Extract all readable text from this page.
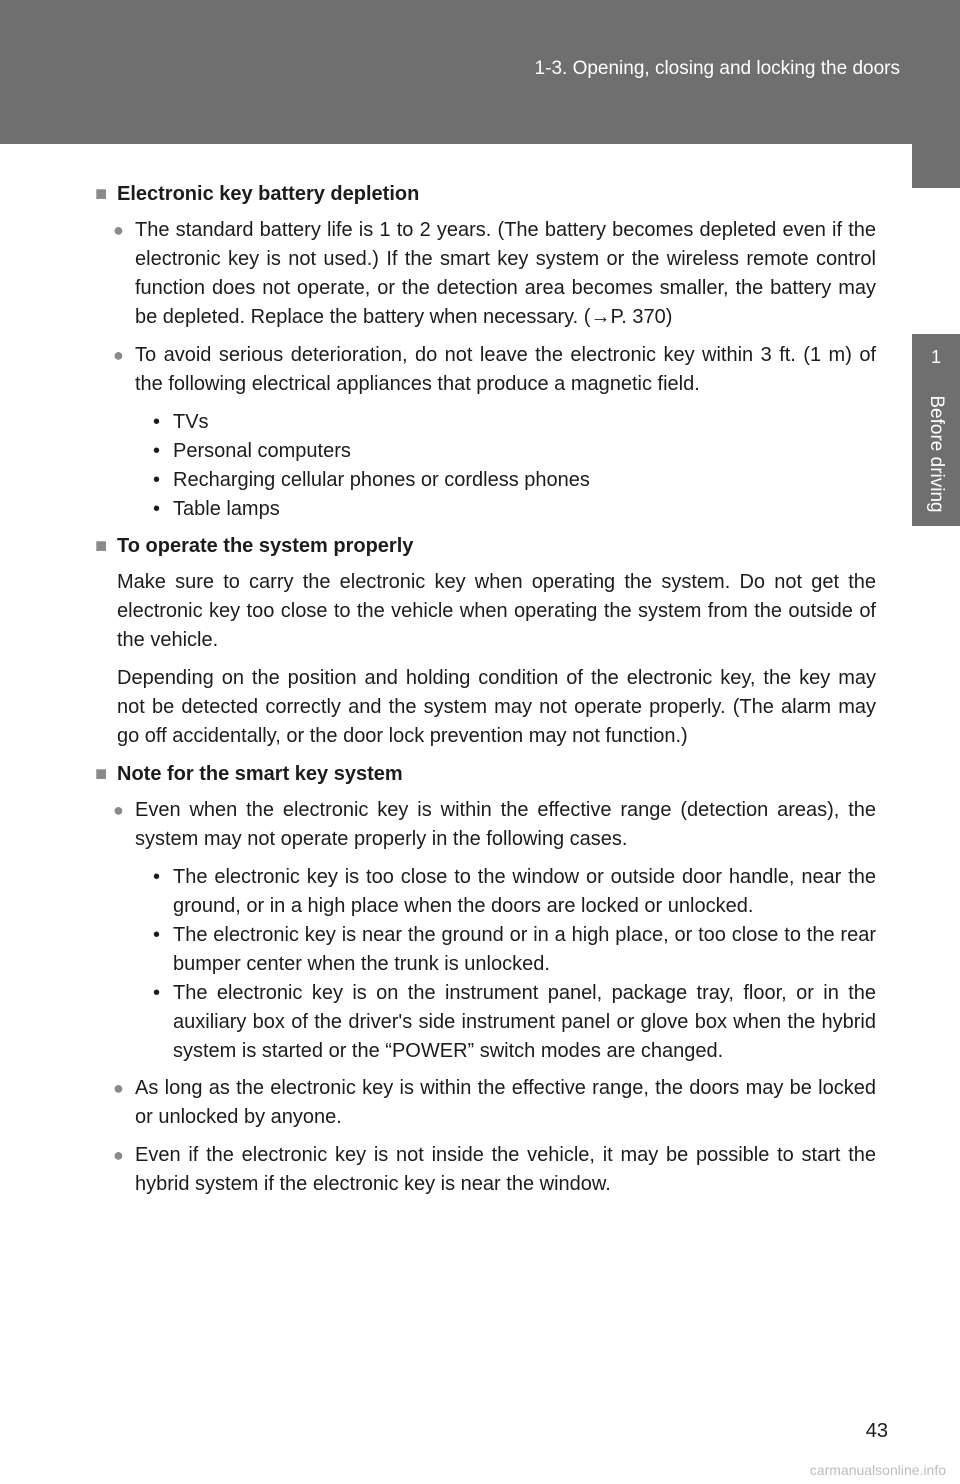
1-3. Opening, closing and locking the doors
1
Before driving
■ Electronic key battery depletion
● The standard battery life is 1 to 2 years. (The battery becomes depleted even if the electronic key is not used.) If the smart key system or the wireless remote control function does not operate, or the detection area becomes smaller, the battery may be depleted. Replace the battery when necessary. (→P. 370)
● To avoid serious deterioration, do not leave the electronic key within 3 ft. (1 m) of the following electrical appliances that produce a magnetic field.
• TVs
• Personal computers
• Recharging cellular phones or cordless phones
• Table lamps
■ To operate the system properly
Make sure to carry the electronic key when operating the system. Do not get the electronic key too close to the vehicle when operating the system from the outside of the vehicle.
Depending on the position and holding condition of the electronic key, the key may not be detected correctly and the system may not operate properly. (The alarm may go off accidentally, or the door lock prevention may not function.)
■ Note for the smart key system
● Even when the electronic key is within the effective range (detection areas), the system may not operate properly in the following cases.
• The electronic key is too close to the window or outside door handle, near the ground, or in a high place when the doors are locked or unlocked.
• The electronic key is near the ground or in a high place, or too close to the rear bumper center when the trunk is unlocked.
• The electronic key is on the instrument panel, package tray, floor, or in the auxiliary box of the driver's side instrument panel or glove box when the hybrid system is started or the “POWER” switch modes are changed.
● As long as the electronic key is within the effective range, the doors may be locked or unlocked by anyone.
● Even if the electronic key is not inside the vehicle, it may be possible to start the hybrid system if the electronic key is near the window.
43
carmanualsonline.info
